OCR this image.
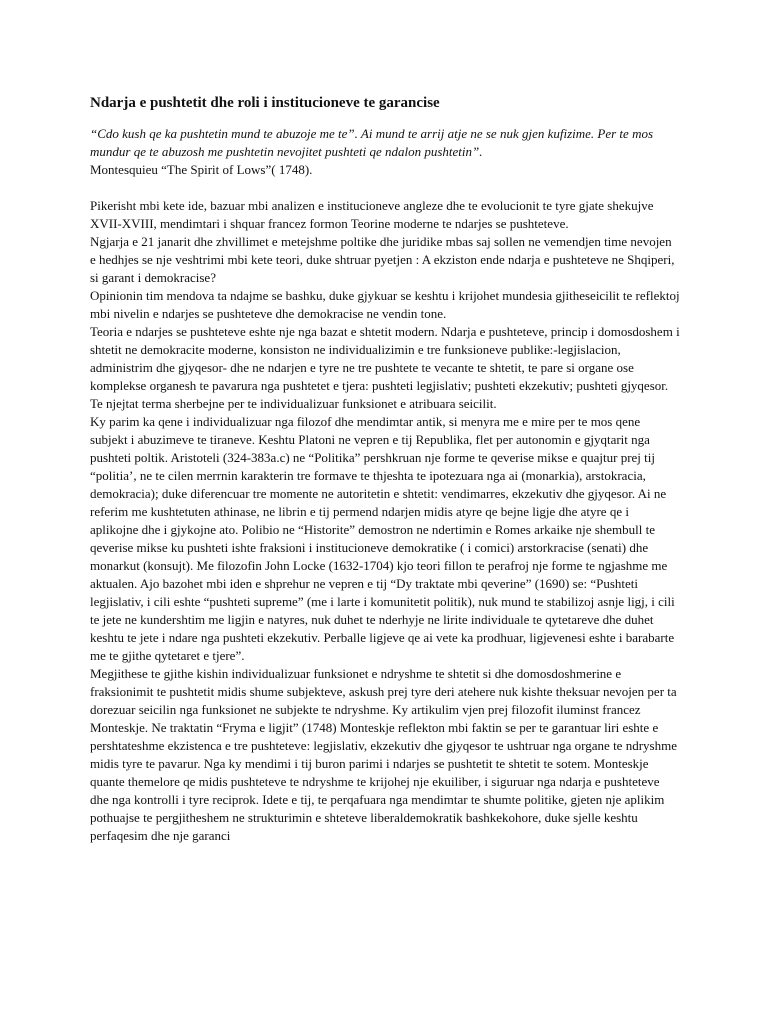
Ndarja e pushtetit dhe roli i institucioneve te garancise

“Cdo kush qe ka pushtetin mund te abuzoje me te”. Ai mund te arrij atje ne se nuk gjen kufizime. Per te mos mundur qe te abuzosh me pushtetin nevojitet pushteti qe ndalon pushtetin”.

Montesquieu “The Spirit of Lows”( 1748).

Pikerisht mbi kete ide, bazuar mbi analizen e institucioneve angleze dhe te evolucionit te tyre gjate shekujve XVII-XVIII, mendimtari i shquar francez formon Teorine moderne te ndarjes se pushteteve.

Ngjarja e 21 janarit dhe zhvillimet e metejshme poltike dhe juridike mbas saj sollen ne vemendjen time nevojen e hedhjes se nje veshtrimi mbi kete teori, duke shtruar pyetjen : A ekziston ende ndarja e pushteteve ne Shqiperi, si garant i demokracise?

Opinionin tim mendova ta ndajme se bashku, duke gjykuar se keshtu i krijohet mundesia gjitheseicilit te reflektoj mbi nivelin e ndarjes se pushteteve dhe demokracise ne vendin tone.

Teoria e ndarjes se pushteteve eshte nje nga bazat e shtetit modern. Ndarja e pushteteve, princip i domosdoshem i shtetit ne demokracite moderne, konsiston ne individualizimin e tre funksioneve publike:-legjislacion, administrim dhe gjyqesor- dhe ne ndarjen e tyre ne tre pushtete te vecante te shtetit, te pare si organe ose komplekse organesh te pavarura nga pushtetet e tjera: pushteti legjislativ; pushteti ekzekutiv; pushteti gjyqesor. Te njejtat terma sherbejne per te individualizuar funksionet e atribuara seicilit.

Ky parim ka qene i individualizuar nga filozof dhe mendimtar antik, si menyra me e mire per te mos qene subjekt i abuzimeve te tiraneve. Keshtu Platoni ne vepren e tij Republika, flet per autonomin e gjyqtarit nga pushteti poltik. Aristoteli (324-383a.c) ne “Politika” pershkruan nje forme te qeverise mikse e quajtur prej tij “politia’, ne te cilen merrnin karakterin tre formave te thjeshta te ipotezuara nga ai (monarkia), arstokracia, demokracia); duke diferencuar tre momente ne autoritetin e shtetit: vendimarres, ekzekutiv dhe gjyqesor. Ai ne referim me kushtetuten athinase, ne librin e tij permend ndarjen midis atyre qe bejne ligje dhe atyre qe i aplikojne dhe i gjykojne ato. Polibio ne “Historite” demostron ne ndertimin e Romes arkaike nje shembull te qeverise mikse ku pushteti ishte fraksioni i institucioneve demokratike ( i comici) arstorkracise (senati) dhe monarkut (konsujt). Me filozofin John Locke (1632-1704) kjo teori fillon te perafroj nje forme te ngjashme me aktualen. Ajo bazohet mbi iden e shprehur ne vepren e tij “Dy traktate mbi qeverine” (1690) se: “Pushteti legjislativ, i cili eshte “pushteti supreme” (me i larte i komunitetit politik), nuk mund te stabilizoj asnje ligj, i cili te jete ne kundershtim me ligjin e natyres, nuk duhet te nderhyje ne lirite individuale te qytetareve dhe duhet keshtu te jete i ndare nga pushteti ekzekutiv. Perballe ligjeve qe ai vete ka prodhuar, ligjevenesi eshte i barabarte me te gjithe qytetaret e tjere”.

Megjithese te gjithe kishin individualizuar funksionet e ndryshme te shtetit si dhe domosdoshmerine e fraksionimit te pushtetit midis shume subjekteve, askush prej tyre deri atehere nuk kishte theksuar nevojen per ta dorezuar seicilin nga funksionet ne subjekte te ndryshme. Ky artikulim vjen prej filozofit iluminst francez Monteskje. Ne traktatin “Fryma e ligjit” (1748) Monteskje reflekton mbi faktin se per te garantuar liri eshte e pershtateshme ekzistenca e tre pushteteve: legjislativ, ekzekutiv dhe gjyqesor te ushtruar nga organe te ndryshme midis tyre te pavarur. Nga ky mendimi i tij buron parimi i ndarjes se pushtetit te shtetit te sotem. Monteskje quante themelore qe midis pushteteve te ndryshme te krijohej nje ekuiliber, i siguruar nga ndarja e pushteteve dhe nga kontrolli i tyre reciprok. Idete e tij, te perqafuara nga mendimtar te shumte politike, gjeten nje aplikim pothuajse te pergjitheshem ne strukturimin e shteteve liberaldemokratik bashkekohore, duke sjelle keshtu perfaqesim dhe nje garanci
